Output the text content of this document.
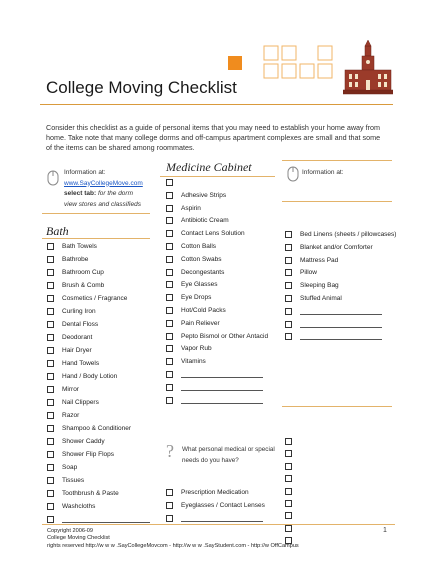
College Moving Checklist
Consider this checklist as a guide of personal items that you may need to establish your home away from home. Take note that many college dorms and off-campus apartment complexes are small and that some of the items can be shared among roommates.
Information at:
www.SayCollegeMove.com
select tab: for the dorm
view stores and classifieds
Bath
Bath Towels
Bathrobe
Bathroom Cup
Brush & Comb
Cosmetics / Fragrance
Curling Iron
Dental Floss
Deodorant
Hair Dryer
Hand Towels
Hand / Body Lotion
Mirror
Nail Clippers
Razor
Shampoo & Conditioner
Shower Caddy
Shower Flip Flops
Soap
Tissues
Toothbrush & Paste
Washcloths
Medicine Cabinet
Adhesive Strips
Aspirin
Antibiotic Cream
Contact Lens Solution
Cotton Balls
Cotton Swabs
Decongestants
Eye Glasses
Eye Drops
Hot/Cold Packs
Pain Reliever
Pepto Bismol or Other Antacid
Vapor Rub
Vitamins
? What personal medical or special needs do you have?
Prescription Medication
Eyeglasses / Contact Lenses
Information at:
Bed Linens (sheets / pillowcases)
Blanket and/or Comforter
Mattress Pad
Pillow
Sleeping Bag
Stuffed Animal
Copyright 2006-09
College Moving Checklist
rights reserved http://w w w .SayCollegeMovcom - http://w w w .SayStudent.com - http://w OffCampus
1
